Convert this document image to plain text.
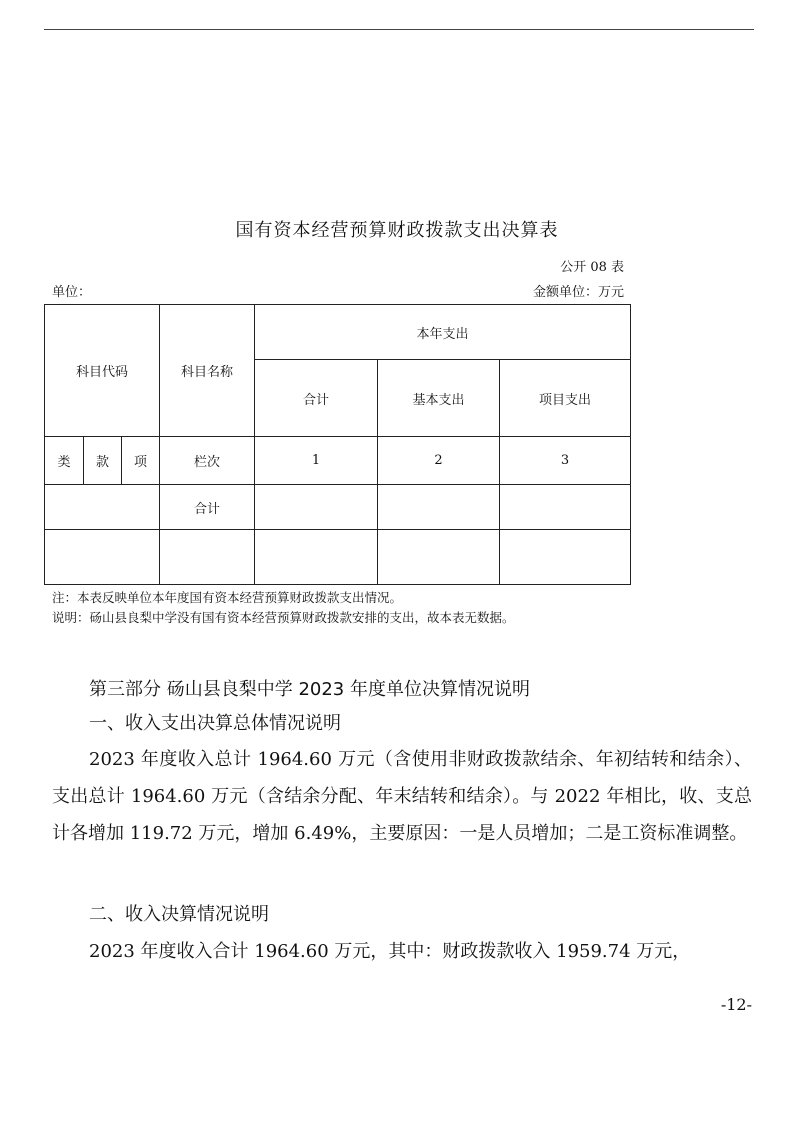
国有资本经营预算财政拨款支出决算表
公开 08 表
单位：	金额单位：万元
科目代码			科目名称	本年支出		
				合计	基本支出	项目支出
类	款	项	栏次	1	2	3
			合计			

注：本表反映单位本年度国有资本经营预算财政拨款支出情况。
说明：砀山县良梨中学没有国有资本经营预算财政拨款安排的支出，故本表无数据。
第三部分 砀山县良梨中学 2023 年度单位决算情况说明
一、收入支出决算总体情况说明

2023 年度收入总计 1964.60 万元（含使用非财政拨款结余、年初结转和结余）、支出总计 1964.60 万元（含结余分配、年末结转和结余）。与 2022 年相比，收、支总计各增加 119.72 万元，增加 6.49%，主要原因：一是人员增加；二是工资标准调整。

二、收入决算情况说明

2023 年度收入合计 1964.60 万元，其中：财政拨款收入 1959.74 万元，

-12-
